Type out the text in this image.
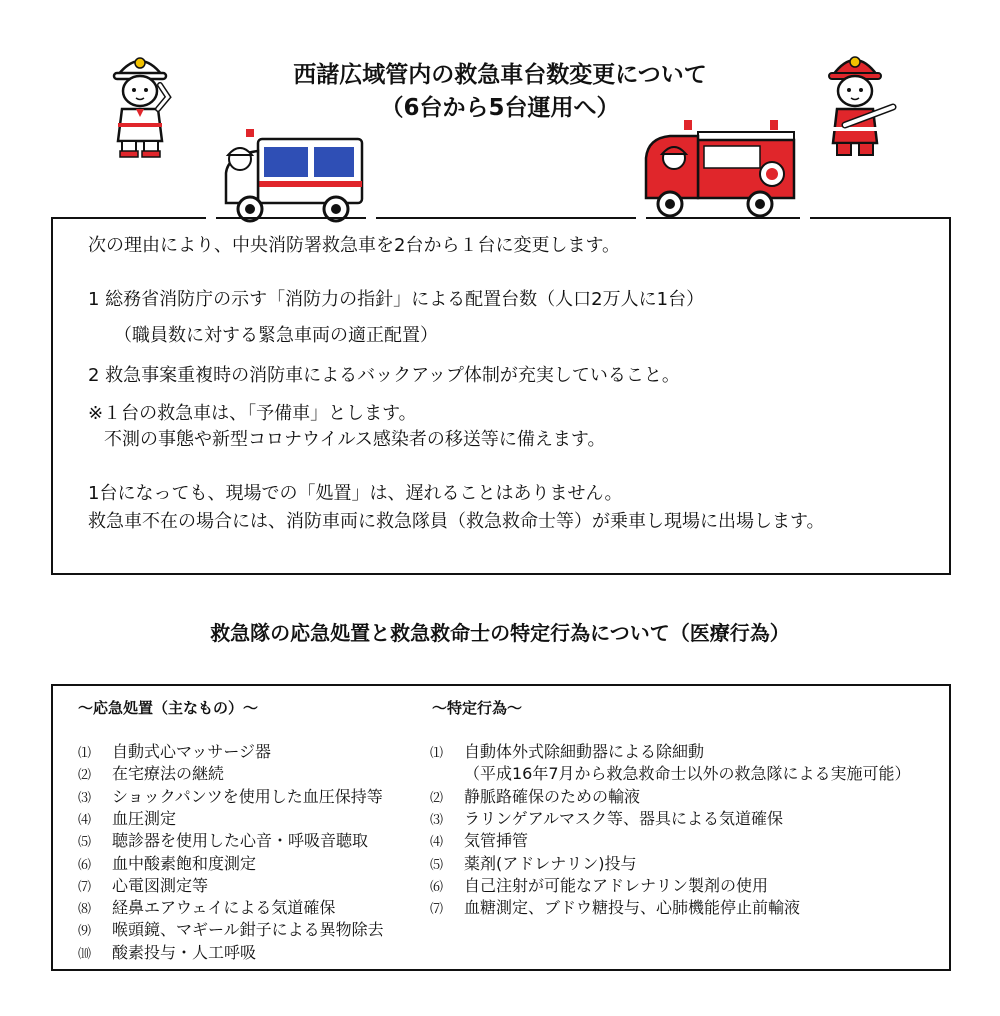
西諸広域管内の救急車台数変更について
（6台から5台運用へ）
次の理由により、中央消防署救急車を2台から１台に変更します。
1 総務省消防庁の示す「消防力の指針」による配置台数（人口2万人に1台）
（職員数に対する緊急車両の適正配置）
2 救急事案重複時の消防車によるバックアップ体制が充実していること。
※１台の救急車は、「予備車」とします。
不測の事態や新型コロナウイルス感染者の移送等に備えます。
1台になっても、現場での「処置」は、遅れることはありません。
救急車不在の場合には、消防車両に救急隊員（救急救命士等）が乗車し現場に出場します。
救急隊の応急処置と救急救命士の特定行為について（医療行為）
～応急処置（主なもの）～	～特定行為～
⑴ 自動式心マッサージ器
⑵ 在宅療法の継続
⑶ ショックパンツを使用した血圧保持等
⑷ 血圧測定
⑸ 聴診器を使用した心音・呼吸音聴取
⑹ 血中酸素飽和度測定
⑺ 心電図測定等
⑻ 経鼻エアウェイによる気道確保
⑼ 喉頭鏡、マギール鉗子による異物除去
⑽ 酸素投与・人工呼吸
⑴ 自動体外式除細動器による除細動
（平成16年7月から救急救命士以外の救急隊による実施可能）
⑵ 静脈路確保のための輸液
⑶ ラリンゲアルマスク等、器具による気道確保
⑷ 気管挿管
⑸ 薬剤(アドレナリン)投与
⑹ 自己注射が可能なアドレナリン製剤の使用
⑺ 血糖測定、ブドウ糖投与、心肺機能停止前輸液
